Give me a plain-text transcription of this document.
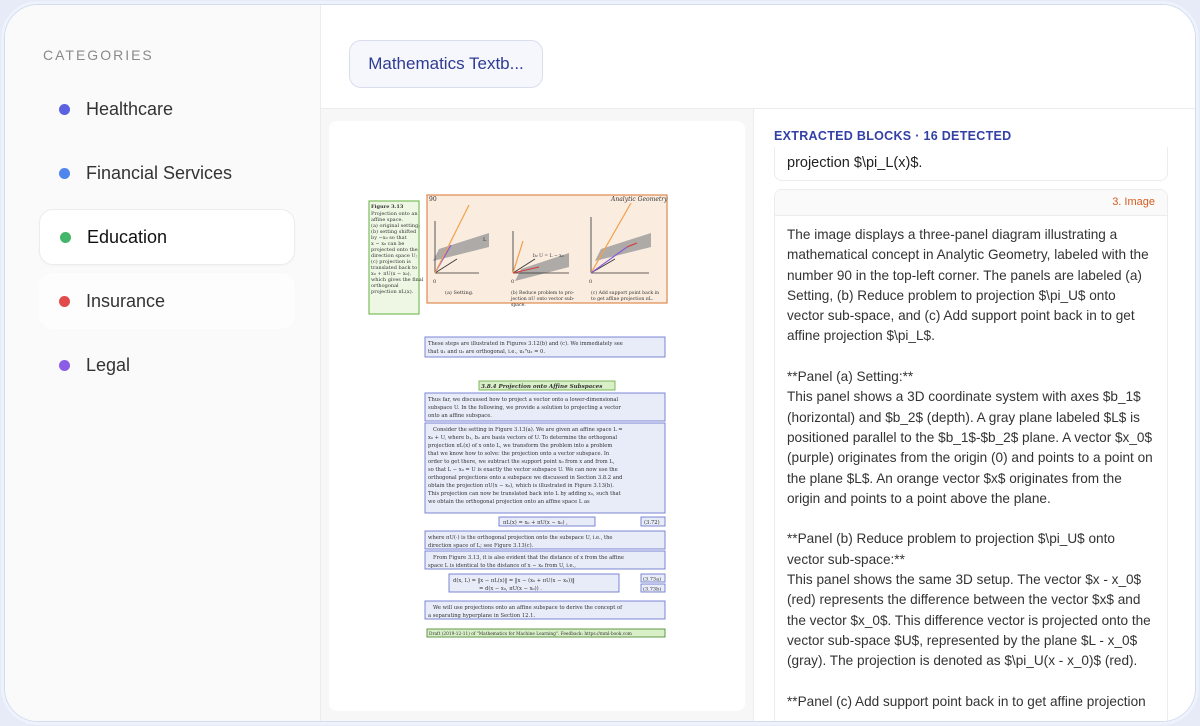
CATEGORIES
Healthcare
Financial Services
Education
Insurance
Legal
Mathematics Textb...
Figure 3.13
Projection onto an
affine space.
(a) original setting;
(b) setting shifted
by −x₀ so that
x − x₀ can be
projected onto the
direction space U;
(c) projection is
translated back to
x₀ + πU(x − x₀),
which gives the final
orthogonal
projection πL(x).
90	Analytic Geometry
0
L
(a) Setting.
0
b₂ U = L − x₀
(b) Reduce problem to pro-
jection πU onto vector sub-
space.
0
(c) Add support point back in
to get affine projection πL.
These steps are illustrated in Figures 3.12(b) and (c). We immediately see
that u₁ and u₂ are orthogonal, i.e., u₁ᵀu₂ = 0.
3.8.4 Projection onto Affine Subspaces
Thus far, we discussed how to project a vector onto a lower-dimensional
subspace U. In the following, we provide a solution to projecting a vector
onto an affine subspace.
Consider the setting in Figure 3.13(a). We are given an affine space L =
x₀ + U, where b₁, b₂ are basis vectors of U. To determine the orthogonal
projection πL(x) of x onto L, we transform the problem into a problem
that we know how to solve: the projection onto a vector subspace. In
order to get there, we subtract the support point x₀ from x and from L,
so that L − x₀ = U is exactly the vector subspace U. We can now use the
orthogonal projections onto a subspace we discussed in Section 3.8.2 and
obtain the projection πU(x − x₀), which is illustrated in Figure 3.13(b).
This projection can now be translated back into L by adding x₀, such that
we obtain the orthogonal projection onto an affine space L as
πL(x) = x₀ + πU(x − x₀) ,	(3.72)
where πU(·) is the orthogonal projection onto the subspace U, i.e., the
direction space of L; see Figure 3.13(c).
From Figure 3.13, it is also evident that the distance of x from the affine
space L is identical to the distance of x − x₀ from U, i.e.,
d(x, L) = ‖x − πL(x)‖ = ‖x − (x₀ + πU(x − x₀))‖
= d(x − x₀, πU(x − x₀)) .
(3.73a)
(3.73b)
We will use projections onto an affine subspace to derive the concept of
a separating hyperplane in Section 12.1.
Draft (2019-12-11) of "Mathematics for Machine Learning". Feedback: https://mml-book.com
EXTRACTED BLOCKS · 16 DETECTED
projection $\pi_L(x)$.
3. Image
The image displays a three-panel diagram illustrating a mathematical concept in Analytic Geometry, labeled with the number 90 in the top-left corner. The panels are labeled (a) Setting, (b) Reduce problem to projection $\pi_U$ onto vector sub-space, and (c) Add support point back in to get affine projection $\pi_L$.

**Panel (a) Setting:**
This panel shows a 3D coordinate system with axes $b_1$ (horizontal) and $b_2$ (depth). A gray plane labeled $L$ is positioned parallel to the $b_1$-$b_2$ plane. A vector $x_0$ (purple) originates from the origin (0) and points to a point on the plane $L$. An orange vector $x$ originates from the origin and points to a point above the plane.

**Panel (b) Reduce problem to projection $\pi_U$ onto vector sub-space:**
This panel shows the same 3D setup. The vector $x - x_0$ (red) represents the difference between the vector $x$ and the vector $x_0$. This difference vector is projected onto the vector sub-space $U$, represented by the plane $L - x_0$ (gray). The projection is denoted as $\pi_U(x - x_0)$ (red).

**Panel (c) Add support point back in to get affine projection
